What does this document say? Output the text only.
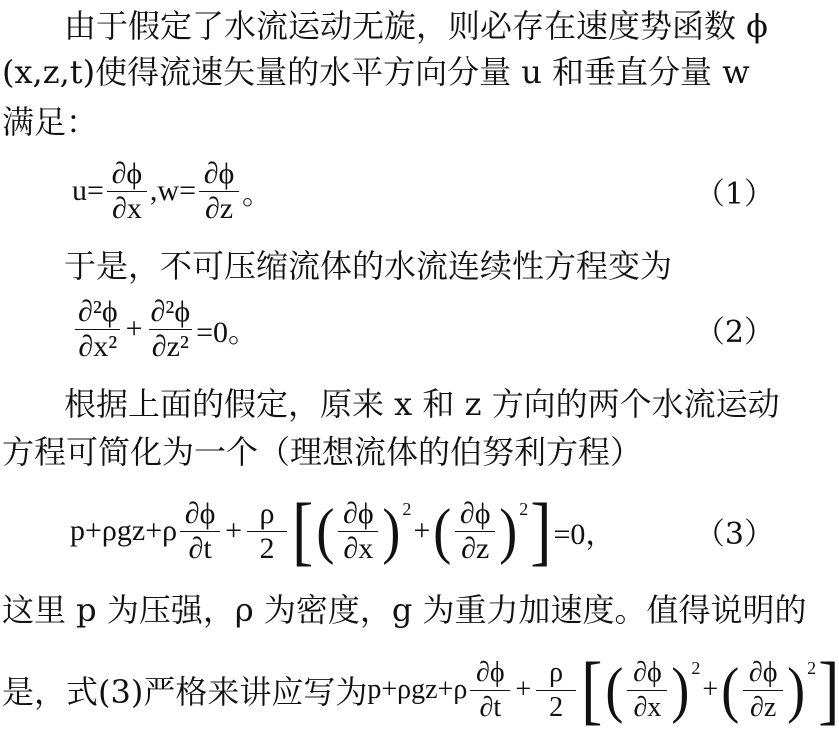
由于假定了水流运动无旋，则必存在速度势函数 ϕ
(x,z,t)使得流速矢量的水平方向分量 u 和垂直分量 w
满足：
$u= \frac{\partial\phi}{\partial x} ,w= \frac{\partial\phi}{\partial z}$ 。	（1）
于是，不可压缩流体的水流连续性方程变为
$\frac{\text{∂²ϕ}}{\text{∂x²}} + \frac{\text{∂²ϕ}}{\text{∂z²}} =0$。	（2）
根据上面的假定，原来 x 和 z 方向的两个水流运动
方程可简化为一个（理想流体的伯努利方程）
$p+\rho gz+\rho \frac{\partial\phi}{\partial t} + \frac{\rho}{2}$ [ ( $\frac{\partial\phi}{\partial x}$ ) 2
+ ( $\frac{\partial\phi}{\partial z}$ ) 2 ] =0，	（3）
这里 p 为压强，ρ 为密度，g 为重力加速度。值得说明的
是，式(3)严格来讲应写为 $p+\rho gz+\rho \frac{\partial\phi}{\partial t} + \frac{\rho}{2}$ [ ( $\frac{\partial\phi}{\partial x}$ ) 2
+ ( $\frac{\partial\phi}{\partial z}$ ) 2 ]
